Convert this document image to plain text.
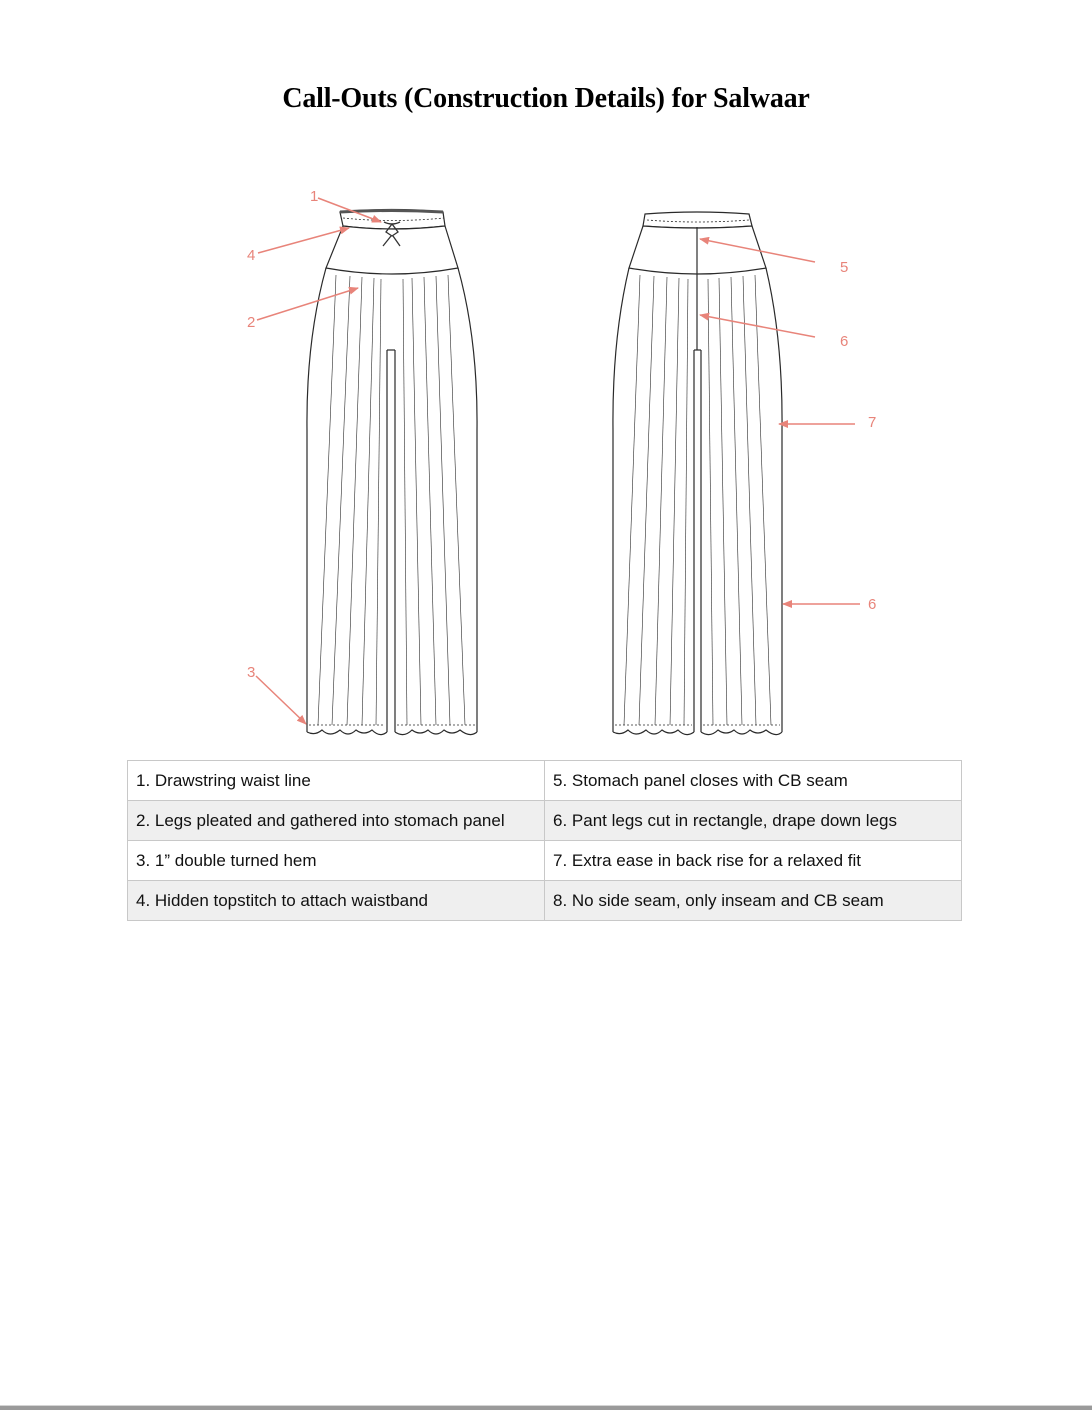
Call-Outs (Construction Details) for Salwaar
1
4
2
3
5
6
7
6
1. Drawstring waist line	5. Stomach panel closes with CB seam
2. Legs pleated and gathered into stomach panel	6. Pant legs cut in rectangle, drape down legs
3. 1” double turned hem	7. Extra ease in back rise for a relaxed fit
4. Hidden topstitch to attach waistband	8. No side seam, only inseam and CB seam
